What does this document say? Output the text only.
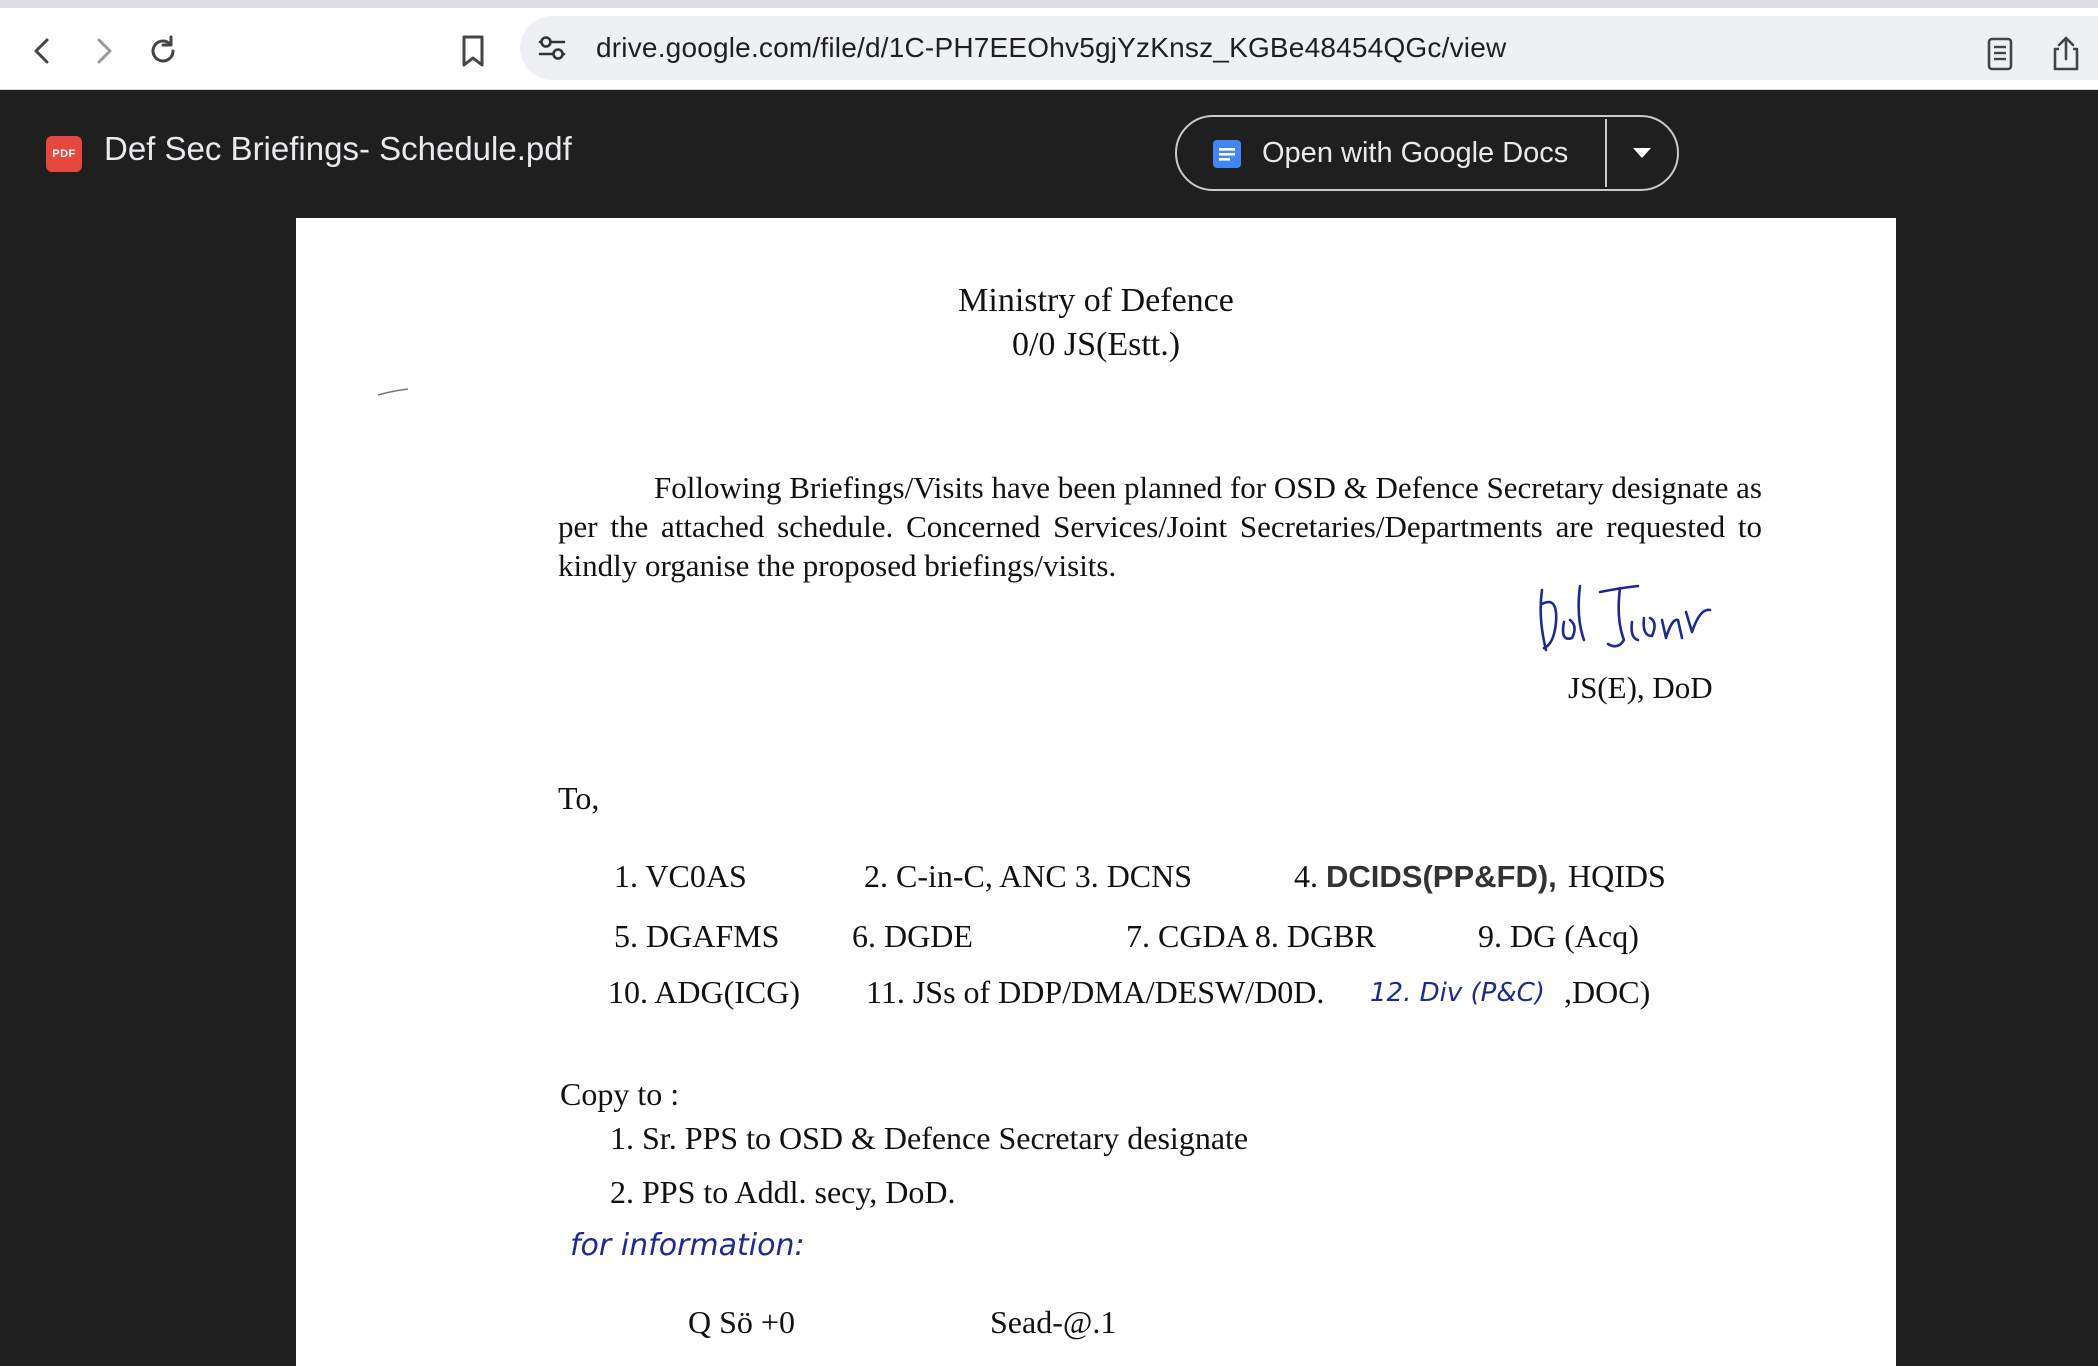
drive.google.com/file/d/1C-PH7EEOhv5gjYzKnsz_KGBe48454QGc/view
PDF Def Sec Briefings- Schedule.pdf	Open with Google Docs
Ministry of Defence
0/0 JS(Estt.)
Following Briefings/Visits have been planned for OSD & Defence Secretary designate as per the attached schedule. Concerned Services/Joint Secretaries/Departments are requested to kindly organise the proposed briefings/visits.
JS(E), DoD
To,
1. VC0AS	2. C-in-C, ANC 3. DCNS	4. DCIDS(PP&FD), HQIDS
5. DGAFMS 6. DGDE	7. CGDA 8. DGBR	9. DG (Acq)
10. ADG(ICG) 11. JSs of DDP/DMA/DESW/D0D. 12. Div (P&C) ,DOC)
Copy to :
1. Sr. PPS to OSD & Defence Secretary designate
2. PPS to Addl. secy, DoD.
for information:
Q Sö +0	Sead-@.1
